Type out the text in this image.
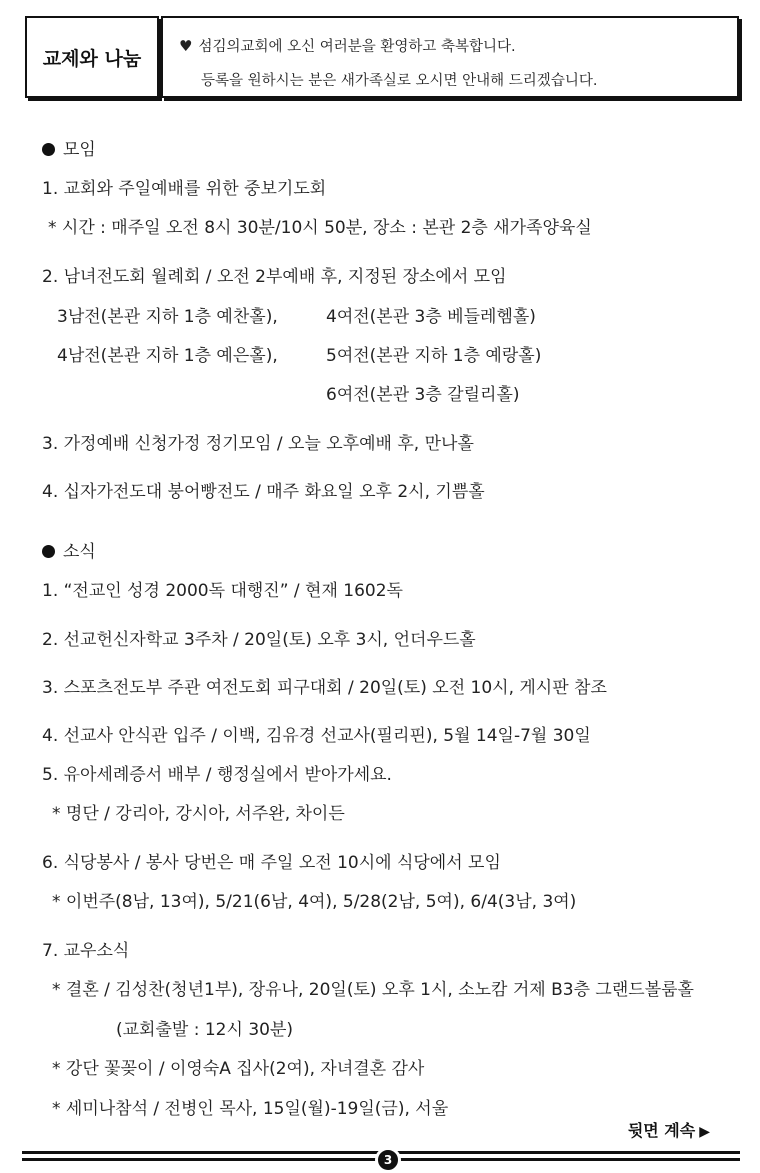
교제와 나눔
♥ 섬김의교회에 오신 여러분을 환영하고 축복합니다.
등록을 원하시는 분은 새가족실로 오시면 안내해 드리겠습니다.
모임
1. 교회와 주일예배를 위한 중보기도회
* 시간 : 매주일 오전 8시 30분/10시 50분, 장소 : 본관 2층 새가족양육실
2. 남녀전도회 월례회 / 오전 2부예배 후, 지정된 장소에서 모임
3남전(본관 지하 1층 예찬홀),	4여전(본관 3층 베들레헴홀)
4남전(본관 지하 1층 예은홀),	5여전(본관 지하 1층 예랑홀)
6여전(본관 3층 갈릴리홀)
3. 가정예배 신청가정 정기모임 / 오늘 오후예배 후, 만나홀
4. 십자가전도대 붕어빵전도 / 매주 화요일 오후 2시, 기쁨홀
소식
1. “전교인 성경 2000독 대행진” / 현재 1602독
2. 선교헌신자학교 3주차 / 20일(토) 오후 3시, 언더우드홀
3. 스포츠전도부 주관 여전도회 피구대회 / 20일(토) 오전 10시, 게시판 참조
4. 선교사 안식관 입주 / 이백, 김유경 선교사(필리핀), 5월 14일-7월 30일
5. 유아세례증서 배부 / 행정실에서 받아가세요.
* 명단 / 강리아, 강시아, 서주완, 차이든
6. 식당봉사 / 봉사 당번은 매 주일 오전 10시에 식당에서 모임
* 이번주(8남, 13여), 5/21(6남, 4여), 5/28(2남, 5여), 6/4(3남, 3여)
7. 교우소식
* 결혼 / 김성찬(청년1부), 장유나, 20일(토) 오후 1시, 소노캄 거제 B3층 그랜드볼룸홀
(교회출발 : 12시 30분)
* 강단 꽃꽂이 / 이영숙A 집사(2여), 자녀결혼 감사
* 세미나참석 / 전병인 목사, 15일(월)-19일(금), 서울
뒷면 계속 ▶
3
